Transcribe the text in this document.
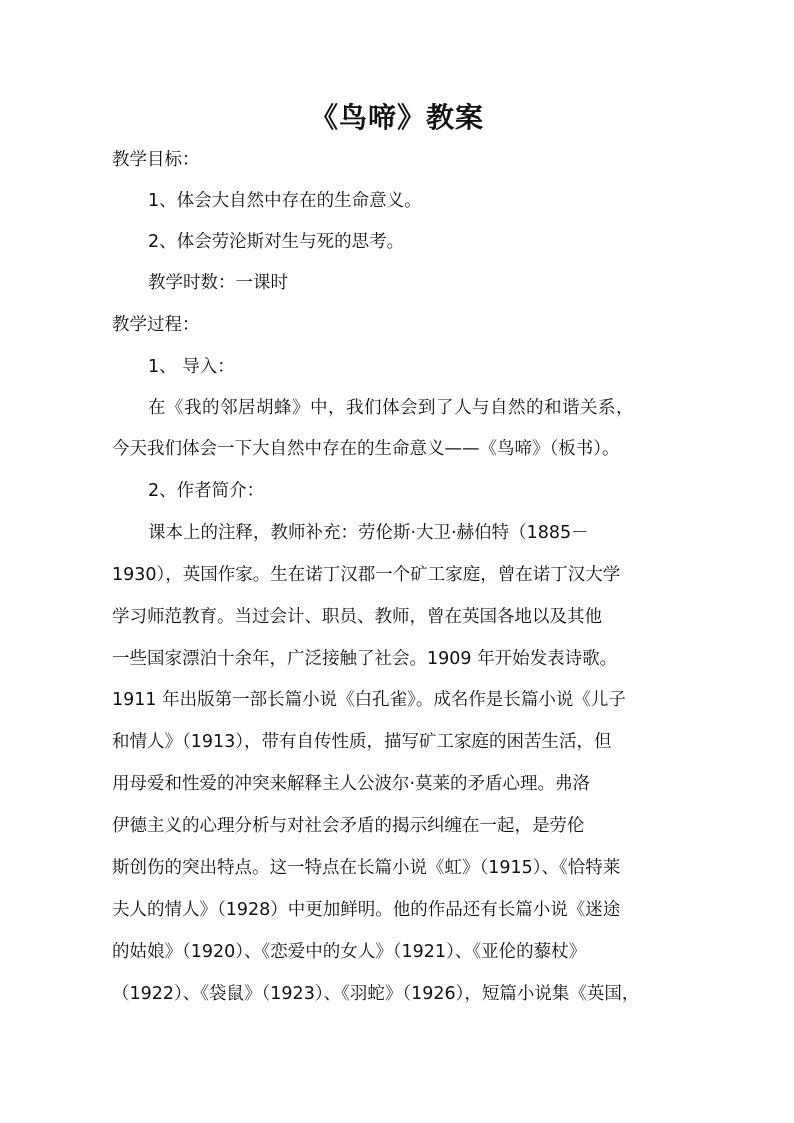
《鸟啼》教案
教学目标：
1、体会大自然中存在的生命意义。
2、体会劳沦斯对生与死的思考。
教学时数：一课时
教学过程：
1、 导入：
在《我的邻居胡蜂》中，我们体会到了人与自然的和谐关系，
今天我们体会一下大自然中存在的生命意义——《鸟啼》（板书）。
2、作者简介：
课本上的注释，教师补充：劳伦斯·大卫·赫伯特（1885－
1930），英国作家。生在诺丁汉郡一个矿工家庭，曾在诺丁汉大学
学习师范教育。当过会计、职员、教师，曾在英国各地以及其他
一些国家漂泊十余年，广泛接触了社会。1909 年开始发表诗歌。
1911 年出版第一部长篇小说《白孔雀》。成名作是长篇小说《儿子
和情人》（1913），带有自传性质，描写矿工家庭的困苦生活，但
用母爱和性爱的冲突来解释主人公波尔·莫莱的矛盾心理。弗洛
伊德主义的心理分析与对社会矛盾的揭示纠缠在一起，是劳伦
斯创伤的突出特点。这一特点在长篇小说《虹》（1915）、《恰特莱
夫人的情人》（1928）中更加鲜明。他的作品还有长篇小说《迷途
的姑娘》（1920）、《恋爱中的女人》（1921）、《亚伦的藜杖》
（1922）、《袋鼠》（1923）、《羽蛇》（1926），短篇小说集《英国，
